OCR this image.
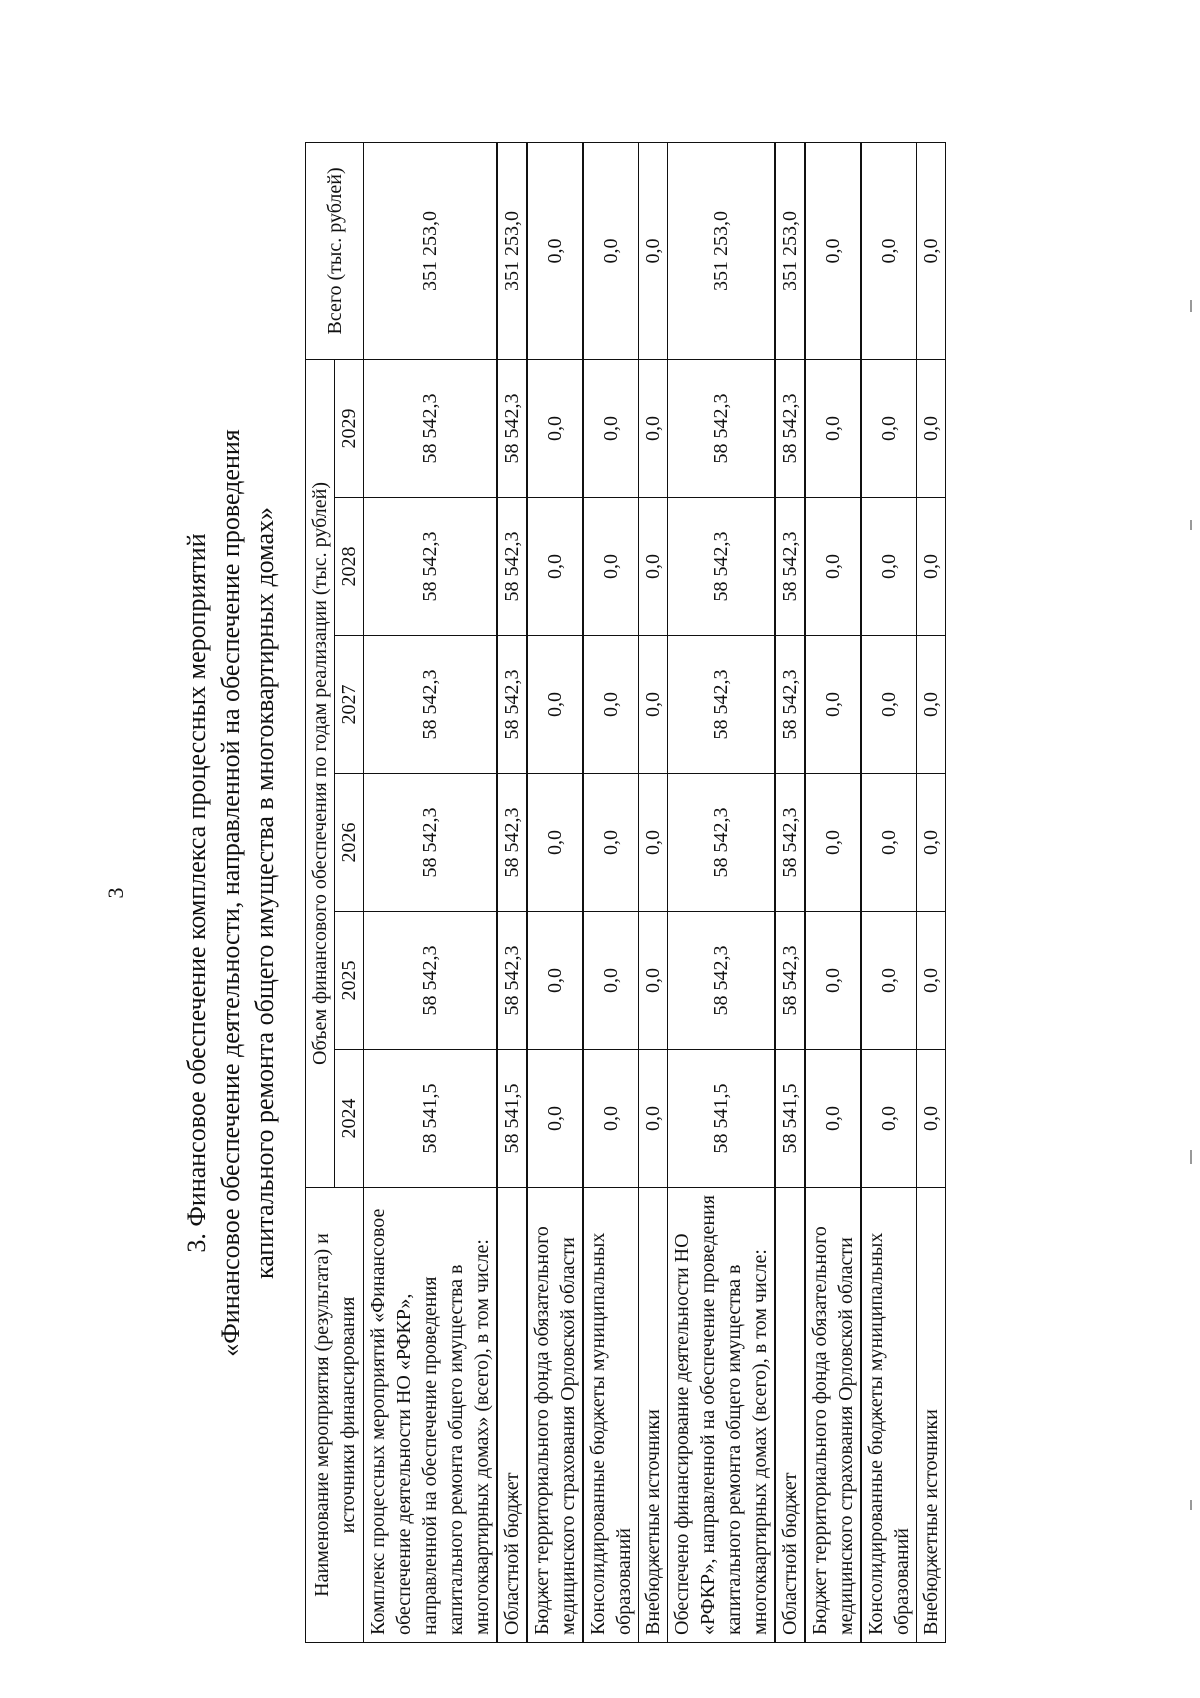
3 3. Финансовое обеспечение комплекса процессных мероприятий «Финансовое обеспечение деятельности, направленной на обеспечение проведения капитального ремонта общего имущества в многоквартирных домах»
Наименование мероприятия (результата) и источники финансирования	Объем финансового обеспечения по годам реализации (тыс. рублей)						Всего (тыс. рублей)
	2024	2025	2026	2027	2028	2029	
Комплекс процессных мероприятий «Финансовое обеспечение деятельности НО «РФКР», направленной на обеспечение проведения капитального ремонта общего имущества в многоквартирных домах» (всего), в том числе:	58 541,5	58 542,3	58 542,3	58 542,3	58 542,3	58 542,3	351 253,0
Областной бюджет	58 541,5	58 542,3	58 542,3	58 542,3	58 542,3	58 542,3	351 253,0
Бюджет территориального фонда обязательного медицинского страхования Орловской области	0,0	0,0	0,0	0,0	0,0	0,0	0,0
Консолидированные бюджеты муниципальных образований	0,0	0,0	0,0	0,0	0,0	0,0	0,0
Внебюджетные источники	0,0	0,0	0,0	0,0	0,0	0,0	0,0
Обеспечено финансирование деятельности НО «РФКР», направленной на обеспечение проведения капитального ремонта общего имущества в многоквартирных домах (всего), в том числе:	58 541,5	58 542,3	58 542,3	58 542,3	58 542,3	58 542,3	351 253,0
Областной бюджет	58 541,5	58 542,3	58 542,3	58 542,3	58 542,3	58 542,3	351 253,0
Бюджет территориального фонда обязательного медицинского страхования Орловской области	0,0	0,0	0,0	0,0	0,0	0,0	0,0
Консолидированные бюджеты муниципальных образований	0,0	0,0	0,0	0,0	0,0	0,0	0,0
Внебюджетные источники	0,0	0,0	0,0	0,0	0,0	0,0	0,0
